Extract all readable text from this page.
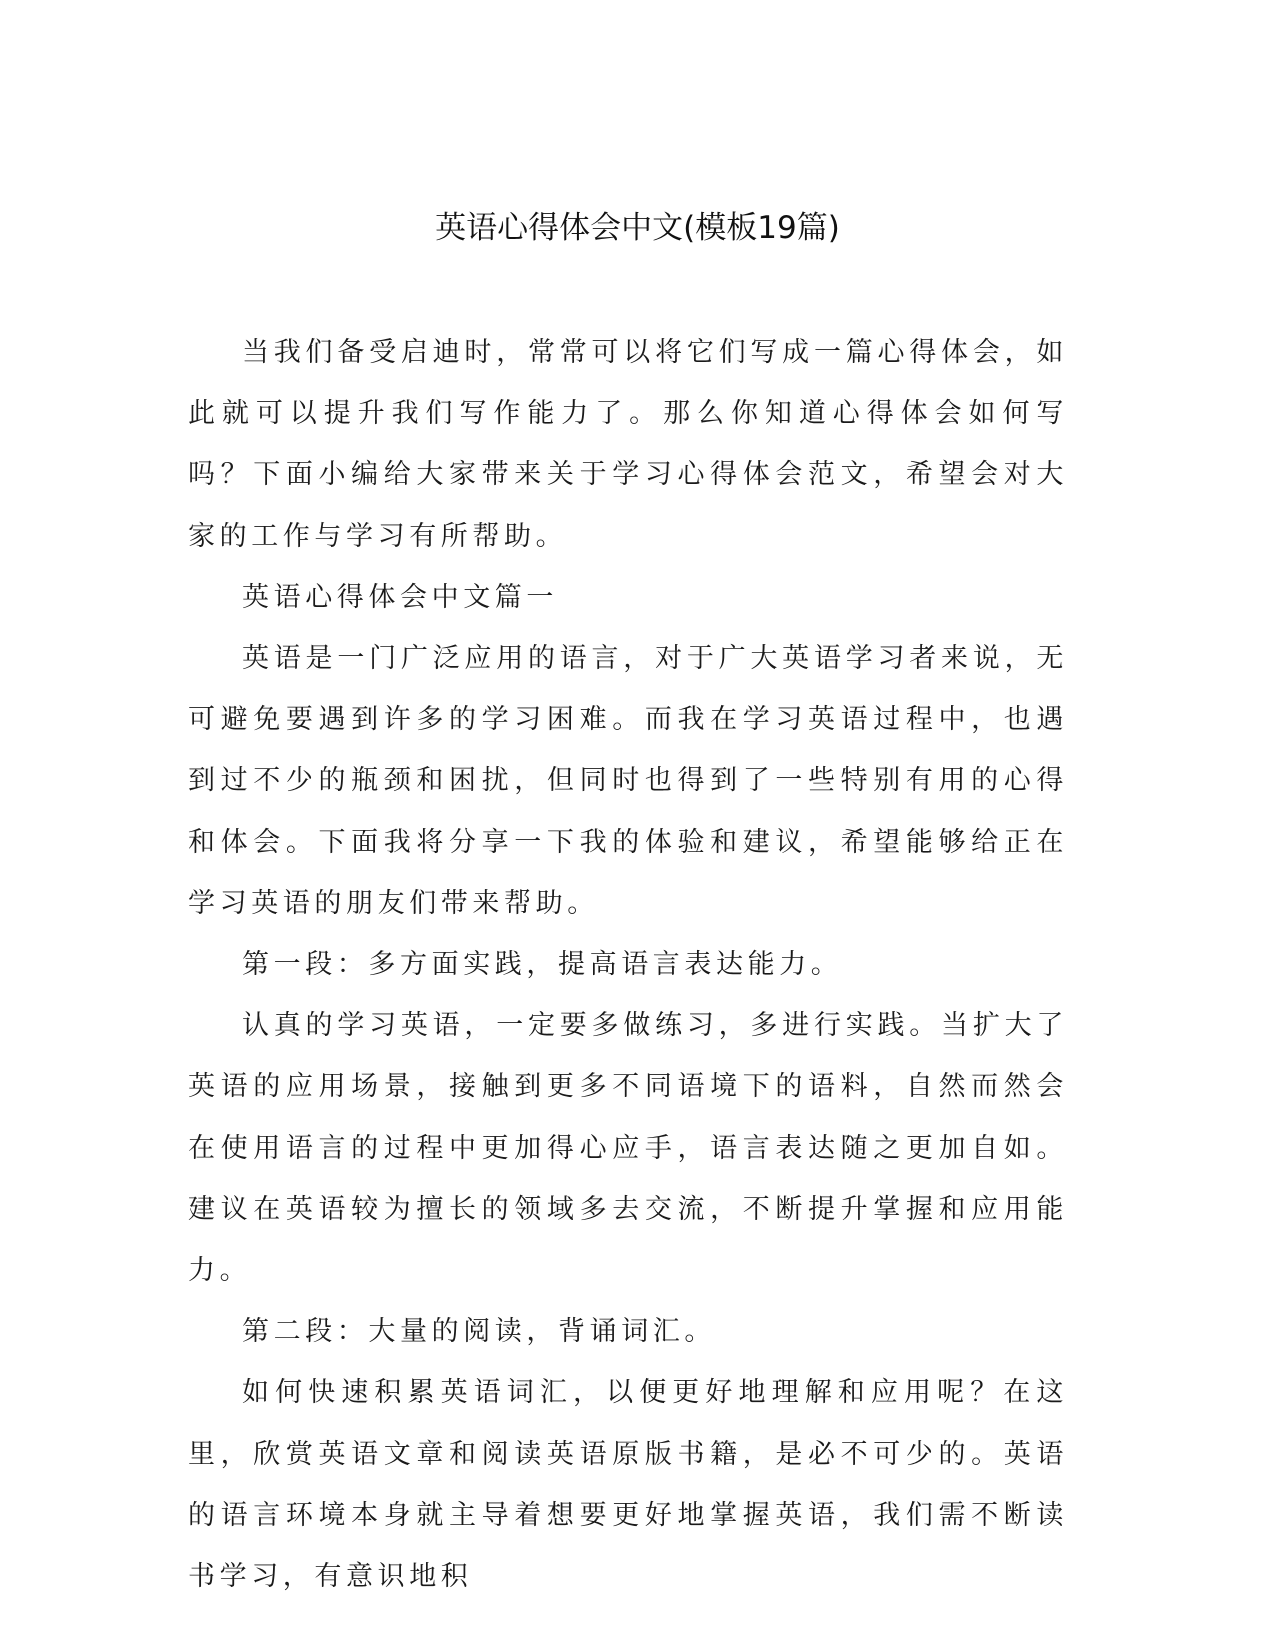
英语心得体会中文(模板19篇)

当我们备受启迪时，常常可以将它们写成一篇心得体会，如此就可以提升我们写作能力了。那么你知道心得体会如何写吗？下面小编给大家带来关于学习心得体会范文，希望会对大家的工作与学习有所帮助。

英语心得体会中文篇一

英语是一门广泛应用的语言，对于广大英语学习者来说，无可避免要遇到许多的学习困难。而我在学习英语过程中，也遇到过不少的瓶颈和困扰，但同时也得到了一些特别有用的心得和体会。下面我将分享一下我的体验和建议，希望能够给正在学习英语的朋友们带来帮助。

第一段：多方面实践，提高语言表达能力。

认真的学习英语，一定要多做练习，多进行实践。当扩大了英语的应用场景，接触到更多不同语境下的语料，自然而然会在使用语言的过程中更加得心应手，语言表达随之更加自如。建议在英语较为擅长的领域多去交流，不断提升掌握和应用能力。

第二段：大量的阅读，背诵词汇。

如何快速积累英语词汇，以便更好地理解和应用呢？在这里，欣赏英语文章和阅读英语原版书籍，是必不可少的。英语的语言环境本身就主导着想要更好地掌握英语，我们需不断读书学习，有意识地积
